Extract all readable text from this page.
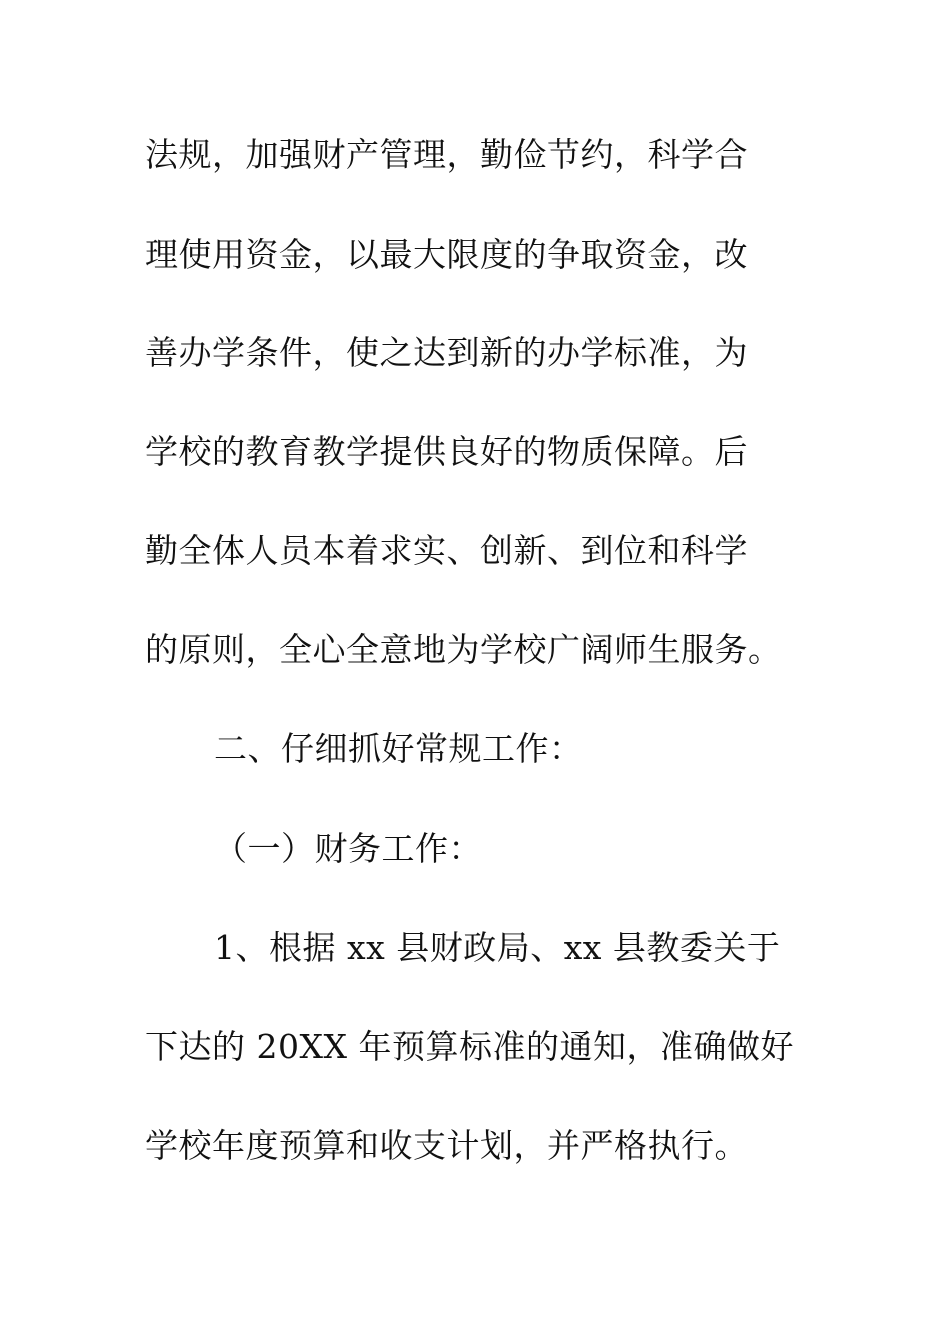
法规，加强财产管理，勤俭节约，科学合
理使用资金，以最大限度的争取资金，改
善办学条件，使之达到新的办学标准，为
学校的教育教学提供良好的物质保障。后
勤全体人员本着求实、创新、到位和科学
的原则，全心全意地为学校广阔师生服务。
二、仔细抓好常规工作：
（一）财务工作：
1、根据 xx 县财政局、xx 县教委关于
下达的 20XX 年预算标准的通知，准确做好
学校年度预算和收支计划，并严格执行。
